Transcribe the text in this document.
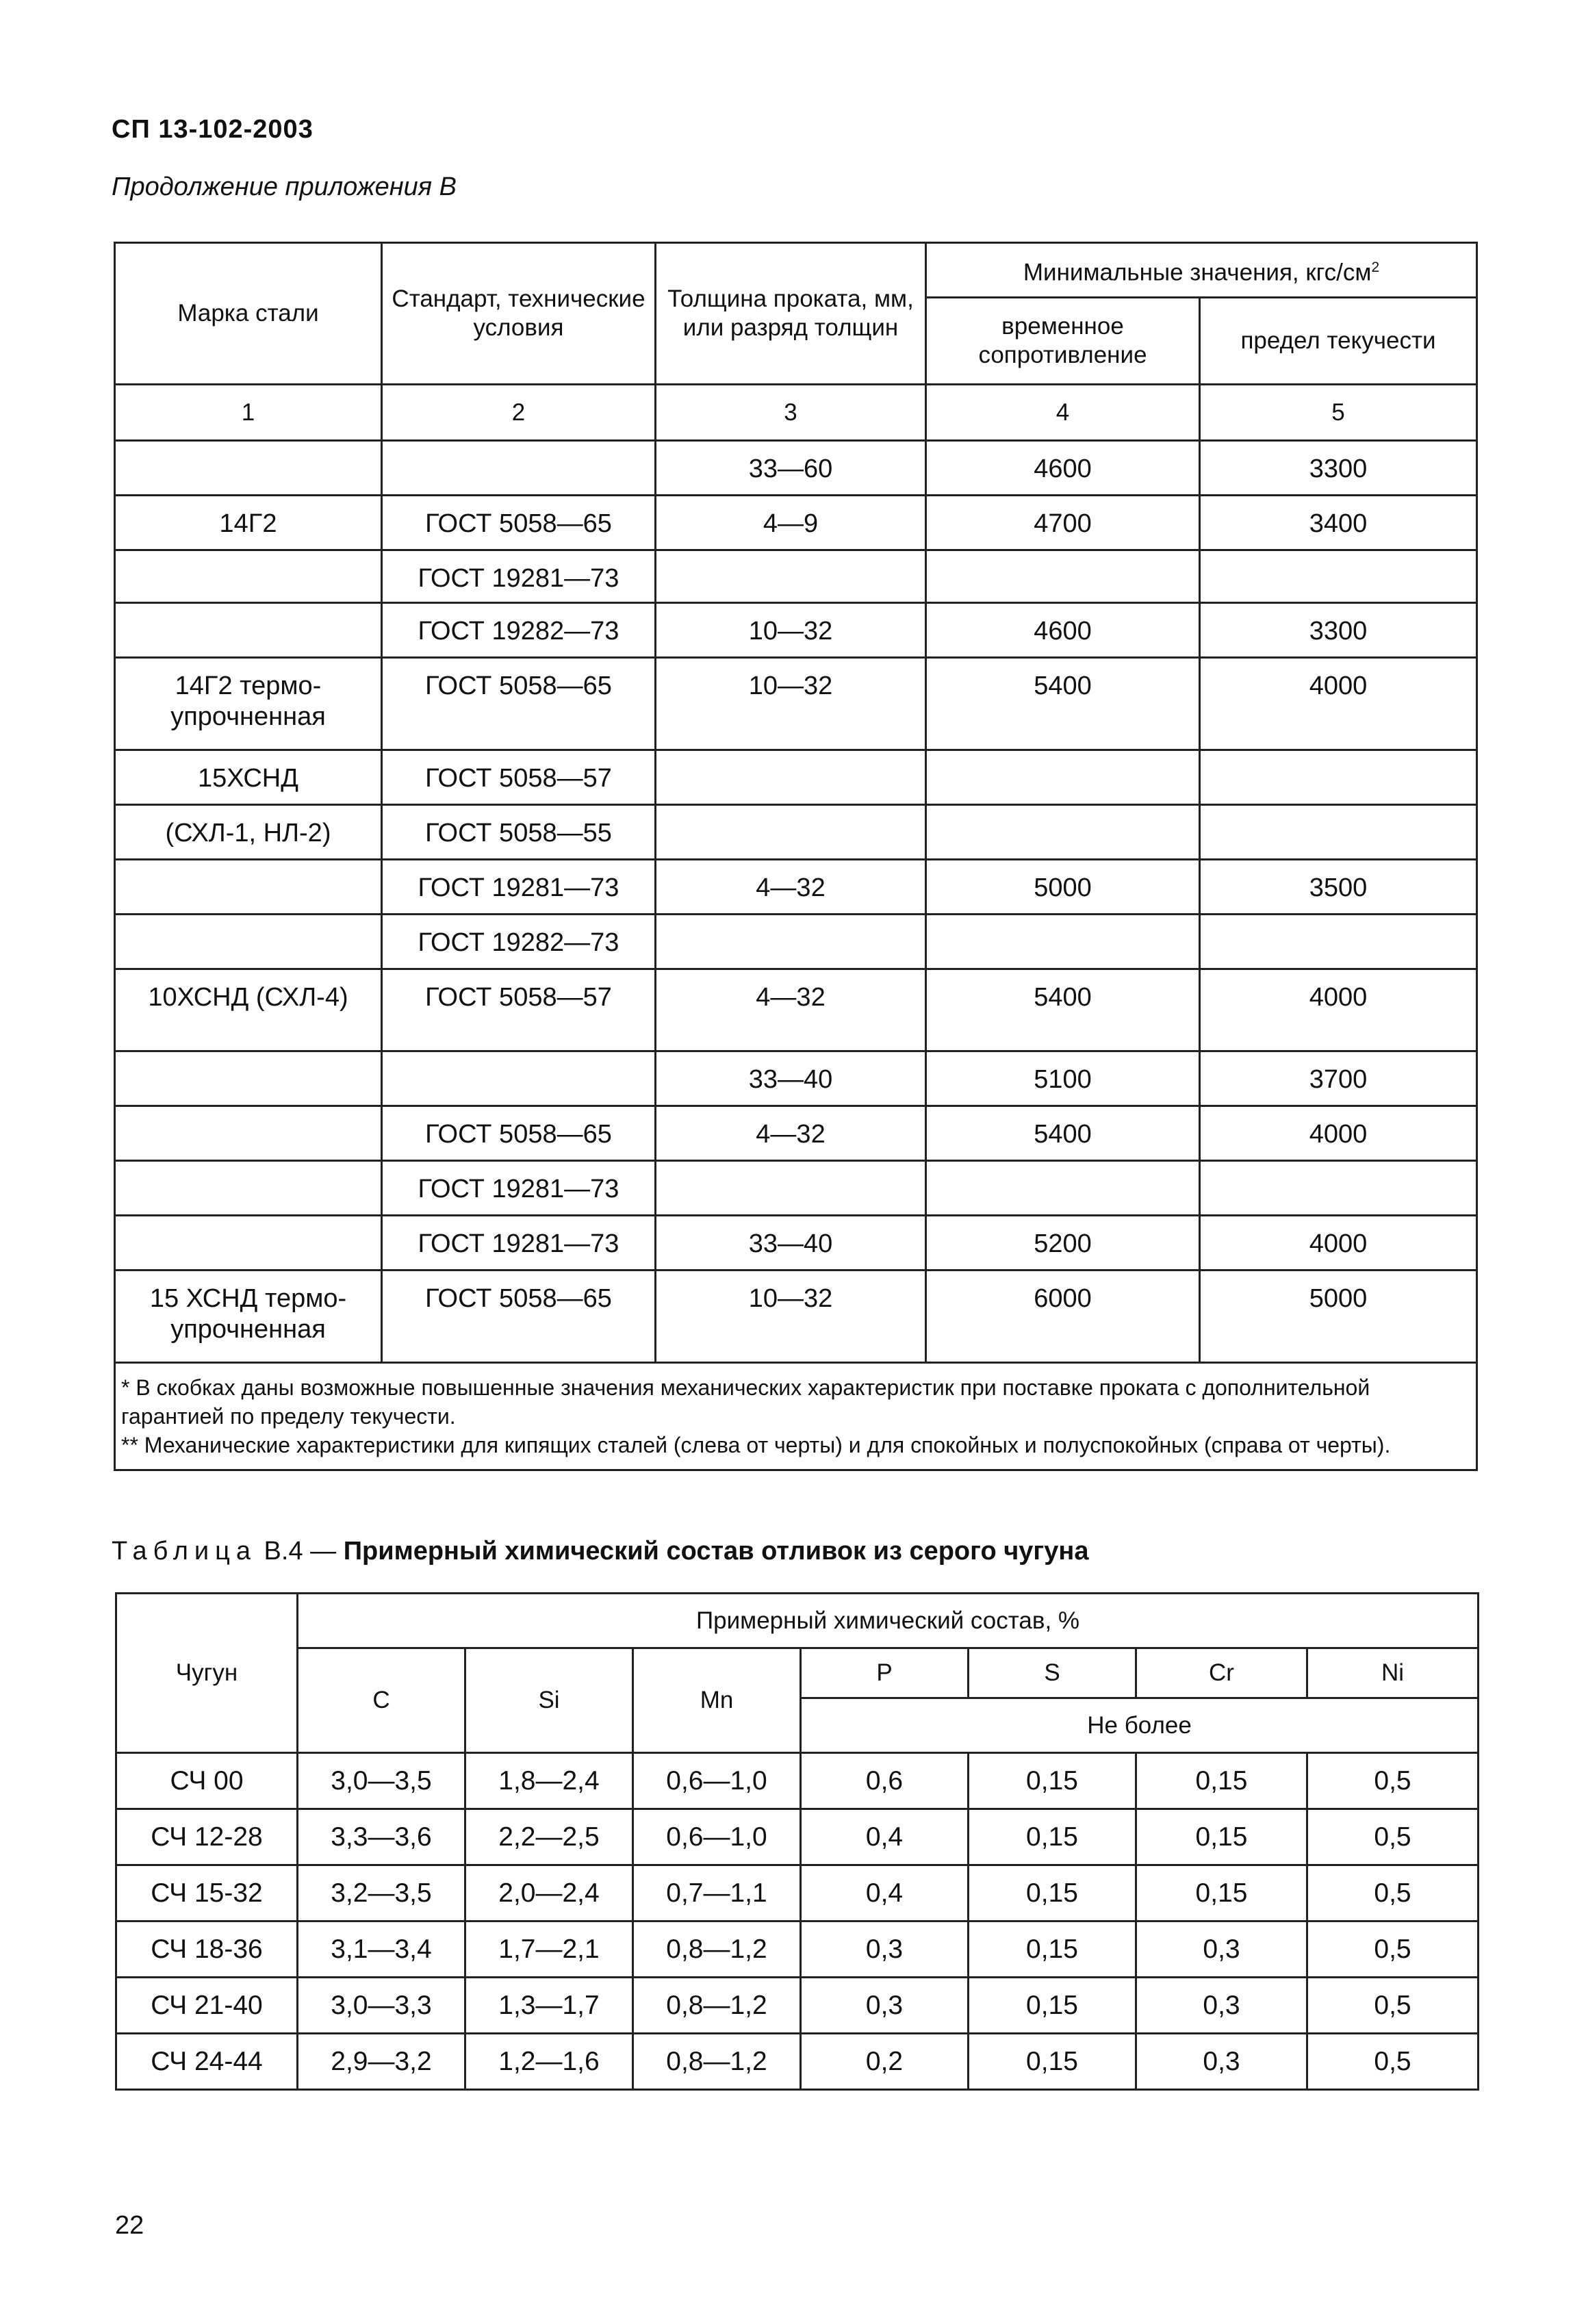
СП 13-102-2003
Продолжение приложения В
Марка стали	Стандарт, технические условия	Толщина проката, мм, или разряд толщин	Минимальные значения, кгс/$см^2$
			временное сопротивление	предел текучести
1	2	3	4	5
		33—60	4600	3300
14Г2	ГОСТ 5058—65	4—9	4700	3400
	ГОСТ 19281—73			
	ГОСТ 19282—73	10—32	4600	3300
14Г2 термо-упрочненная	ГОСТ 5058—65	10—32	5400	4000
15ХСНД	ГОСТ 5058—57			
(СХЛ-1, НЛ-2)	ГОСТ 5058—55			
	ГОСТ 19281—73	4—32	5000	3500
	ГОСТ 19282—73			
10ХСНД (СХЛ-4)	ГОСТ 5058—57	4—32	5400	4000
		33—40	5100	3700
	ГОСТ 5058—65	4—32	5400	4000
	ГОСТ 19281—73			
	ГОСТ 19281—73	33—40	5200	4000
15 ХСНД термо-упрочненная	ГОСТ 5058—65	10—32	6000	5000

* В скобках даны возможные повышенные значения механических характеристик при поставке проката с дополнительной гарантией по пределу текучести.
** Механические характеристики для кипящих сталей (слева от черты) и для спокойных и полуспокойных (справа от черты).				
Таблица В.4 — Примерный химический состав отливок из серого чугуна
Чугун	Примерный химический состав, %						
	C	Si	Mn	P	S	Cr	Ni
				Не более			
СЧ 00	3,0—3,5	1,8—2,4	0,6—1,0	0,6	0,15	0,15	0,5
СЧ 12-28	3,3—3,6	2,2—2,5	0,6—1,0	0,4	0,15	0,15	0,5
СЧ 15-32	3,2—3,5	2,0—2,4	0,7—1,1	0,4	0,15	0,15	0,5
СЧ 18-36	3,1—3,4	1,7—2,1	0,8—1,2	0,3	0,15	0,3	0,5
СЧ 21-40	3,0—3,3	1,3—1,7	0,8—1,2	0,3	0,15	0,3	0,5
СЧ 24-44	2,9—3,2	1,2—1,6	0,8—1,2	0,2	0,15	0,3	0,5
22
